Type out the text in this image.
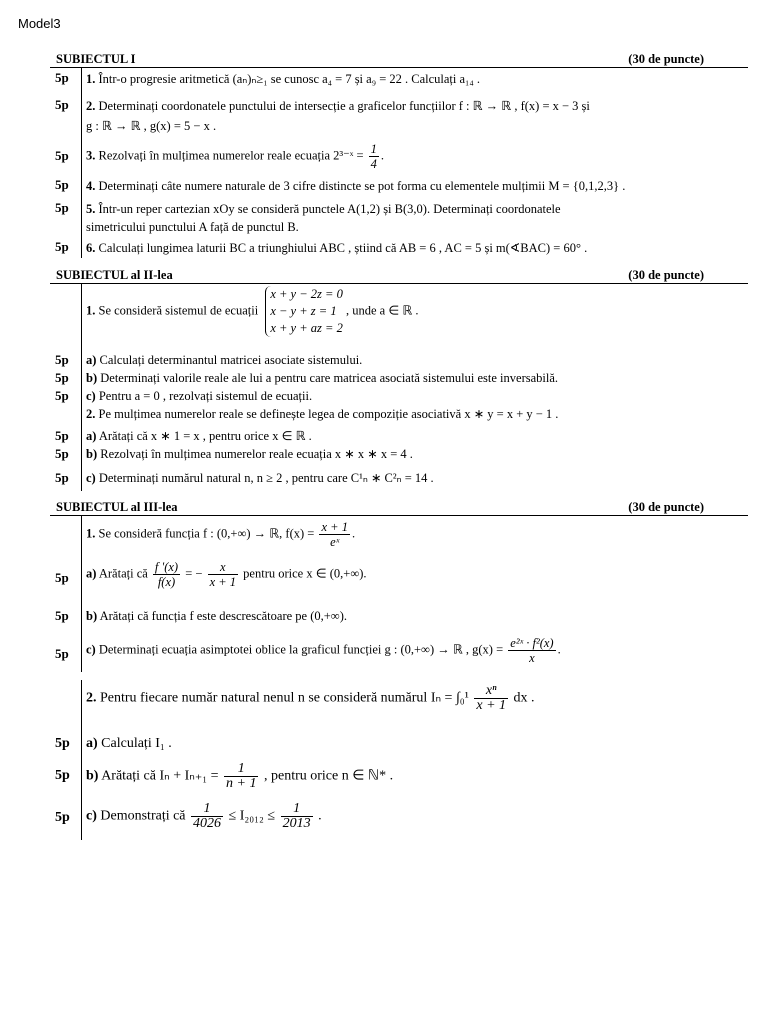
Model3
SUBIECTUL I	(30 de puncte)
5p 1. Într-o progresie aritmetică (aₙ)ₙ≥₁ se cunosc a₄ = 7 și a₉ = 22 . Calculați a₁₄ .
5p 2. Determinați coordonatele punctului de intersecție a graficelor funcțiilor f : ℝ → ℝ , f(x) = x − 3 și
g : ℝ → ℝ , g(x) = 5 − x .
5p 3. Rezolvați în mulțimea numerelor reale ecuația 2³⁻ˣ = $\frac{1}{4}$ .
5p 4. Determinați câte numere naturale de 3 cifre distincte se pot forma cu elementele mulțimii M = {0,1,2,3} .
5p 5. Într-un reper cartezian xOy se consideră punctele A(1,2) și B(3,0). Determinați coordonatele
simetricului punctului A față de punctul B.
5p 6. Calculați lungimea laturii BC a triunghiului ABC , știind că AB = 6 , AC = 5 și m(∢BAC) = 60° .
SUBIECTUL al II-lea	(30 de puncte)
1. Se consideră sistemul de ecuații
x + y − 2z = 0
x − y + z = 1
x + y + az = 2
, unde a ∈ ℝ .
5p a) Calculați determinantul matricei asociate sistemului.
5p b) Determinați valorile reale ale lui a pentru care matricea asociată sistemului este inversabilă.
5p c) Pentru a = 0 , rezolvați sistemul de ecuații.
2. Pe mulțimea numerelor reale se definește legea de compoziție asociativă x ∗ y = x + y − 1 .
5p a) Arătați că x ∗ 1 = x , pentru orice x ∈ ℝ .
5p b) Rezolvați în mulțimea numerelor reale ecuația x ∗ x ∗ x = 4 .
5p c) Determinați numărul natural n, n ≥ 2 , pentru care C¹ₙ ∗ C²ₙ = 14 .
SUBIECTUL al III-lea	(30 de puncte)
1. Se consideră funcția f : (0,+∞) → ℝ, $f(x) = \frac{x + 1}{\text{eˣ}}$ .
5p a) Arătați că $\frac{f '(x)}{f(x)}$ = − $\frac{x}{x + 1}$ pentru orice x ∈ (0,+∞).
5p b) Arătați că funcția f este descrescătoare pe (0,+∞).
5p c) Determinați ecuația asimptotei oblice la graficul funcției g : (0,+∞) → ℝ , $g(x) = \frac{\text{e²ˣ · f²(x)}}{x}$ .
2. Pentru fiecare număr natural nenul n se consideră numărul $I_n = \int_0^1 \frac{\text{xⁿ}}{x + 1}$ dx .
5p a) Calculați I₁ .
5p b) Arătați că $I_n + I_{n+1} = \frac{1}{n + 1}$ , pentru orice n ∈ ℕ* .
5p c) Demonstrați că $\frac{1}{4026} \le I_{2012} \le \frac{1}{2013}$ .
